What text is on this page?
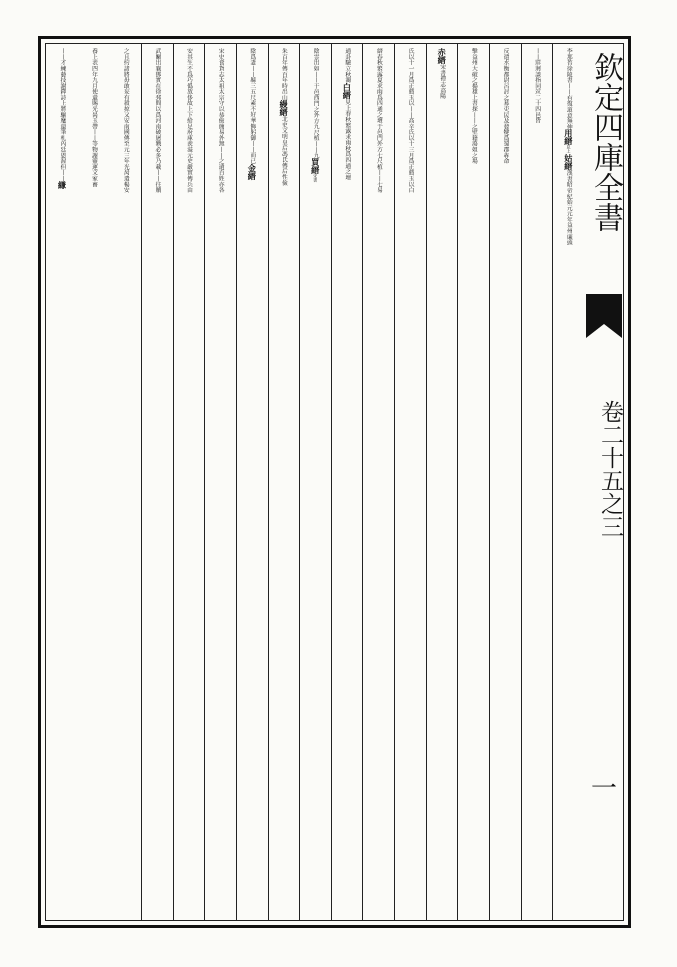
李那苔徐陵書丨
丨有復道意無伸
用
縉
見上
姑
縉
漢書昭帝紀始元元年益州廉頭
丨丨牂牁談指同竝二十四邑皆
反遣水衡都尉呂討之募吏民及發犍爲蜀郡犇命
擊益州大破之揚雄上書探丨丨之壁籍蕩姐之場
赤
縉
宋書禮志高陽
氏以十一月爲正薦玉以丨丨高辛氏以十三月爲正薦玉以白
縉春秋繁露夏求雨爲四通之壇于邑門外方七尺植丨丨七易
通卦驗立秋濁
白
縉
見上春秋繁露求雨秋爲四通之壇
陰雲出如丨丨
于邑西門之外方九尺植丨丨九
買
縉
宋書
朱百年傳百年時出山
縵
縉
北史文明皇后馮氏傳后性儉
陰爲妻丨丨緜三五尺
素不好華飾躬御丨丨而已
金
縉
宋史食貨志太祖太宗守以恭儉簡易外無丨丨之遺百姓亦各
安其生不爲巧僞放侈故上下給足府庫羨溢元史嚴實傳兵由
武關出襄鄧實在徐邳間以爲河南破屠戮必多乃載丨丨往贖
之且約諸將毋敢妄有殺掠又安南國傳至元三年光昺遣楊安
養上表四年九月使還賜光昺玉帶丨丨等物謝靈運文家畜
丨丨才練藝技謝鐸詩上將驅麾還筆札內廷恩渥但丨丨
縑	欽定四庫全書
卷二十五之三
一
